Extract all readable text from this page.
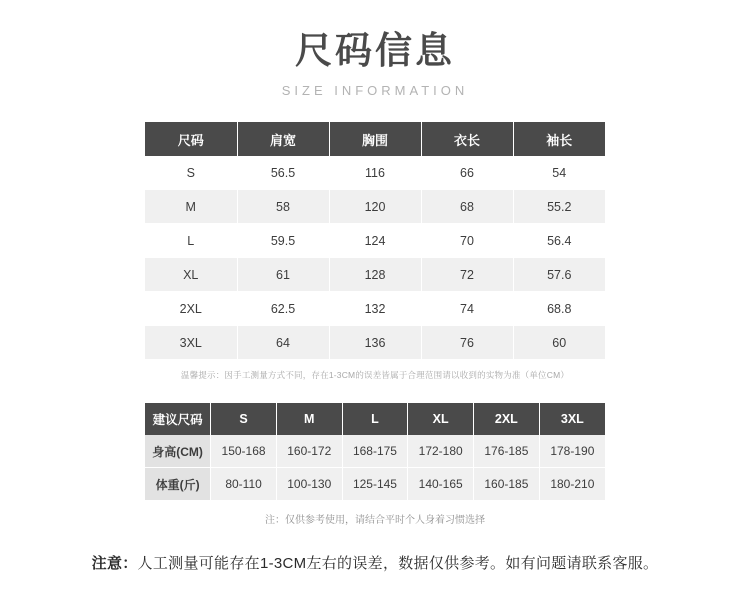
尺码信息
SIZE INFORMATION
尺码	肩宽	胸围	衣长	袖长
S	56.5	116	66	54
M	58	120	68	55.2
L	59.5	124	70	56.4
XL	61	128	72	57.6
2XL	62.5	132	74	68.8
3XL	64	136	76	60
温馨提示：因手工测量方式不同，存在1-3CM的误差皆属于合理范围请以收到的实物为准（单位CM）
建议尺码	S	M	L	XL	2XL	3XL
身高(CM)	150-168	160-172	168-175	172-180	176-185	178-190
体重(斤)	80-110	100-130	125-145	140-165	160-185	180-210
注：仅供参考使用，请结合平时个人身着习惯选择
注意：人工测量可能存在1-3CM左右的误差，数据仅供参考。如有问题请联系客服。
